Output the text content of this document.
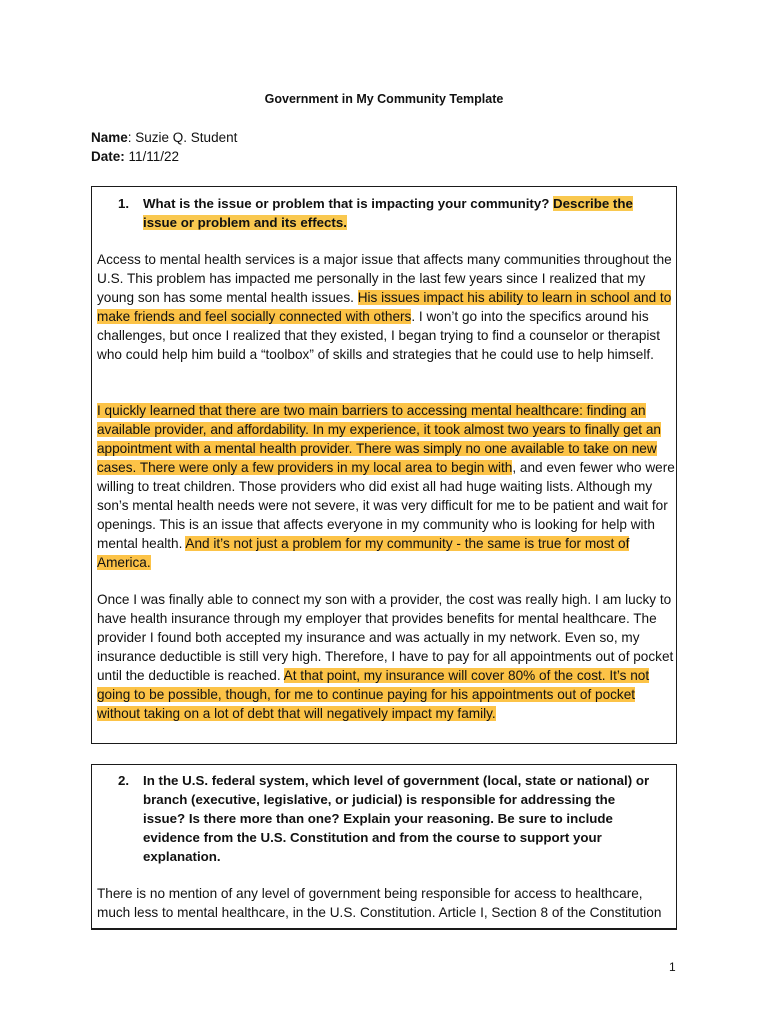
Government in My Community Template
Name: Suzie Q. Student
Date: 11/11/22
1. What is the issue or problem that is impacting your community? Describe the issue or problem and its effects.

Access to mental health services is a major issue that affects many communities throughout the U.S. This problem has impacted me personally in the last few years since I realized that my young son has some mental health issues. His issues impact his ability to learn in school and to make friends and feel socially connected with others. I won’t go into the specifics around his challenges, but once I realized that they existed, I began trying to find a counselor or therapist who could help him build a “toolbox” of skills and strategies that he could use to help himself.

I quickly learned that there are two main barriers to accessing mental healthcare: finding an available provider, and affordability. In my experience, it took almost two years to finally get an appointment with a mental health provider. There was simply no one available to take on new cases. There were only a few providers in my local area to begin with, and even fewer who were willing to treat children. Those providers who did exist all had huge waiting lists. Although my son’s mental health needs were not severe, it was very difficult for me to be patient and wait for openings. This is an issue that affects everyone in my community who is looking for help with mental health. And it’s not just a problem for my community - the same is true for most of America.

Once I was finally able to connect my son with a provider, the cost was really high. I am lucky to have health insurance through my employer that provides benefits for mental healthcare. The provider I found both accepted my insurance and was actually in my network. Even so, my insurance deductible is still very high. Therefore, I have to pay for all appointments out of pocket until the deductible is reached. At that point, my insurance will cover 80% of the cost. It’s not going to be possible, though, for me to continue paying for his appointments out of pocket without taking on a lot of debt that will negatively impact my family.

2. In the U.S. federal system, which level of government (local, state or national) or branch (executive, legislative, or judicial) is responsible for addressing the issue? Is there more than one? Explain your reasoning. Be sure to include evidence from the U.S. Constitution and from the course to support your explanation.

There is no mention of any level of government being responsible for access to healthcare, much less to mental healthcare, in the U.S. Constitution. Article I, Section 8 of the Constitution

1
